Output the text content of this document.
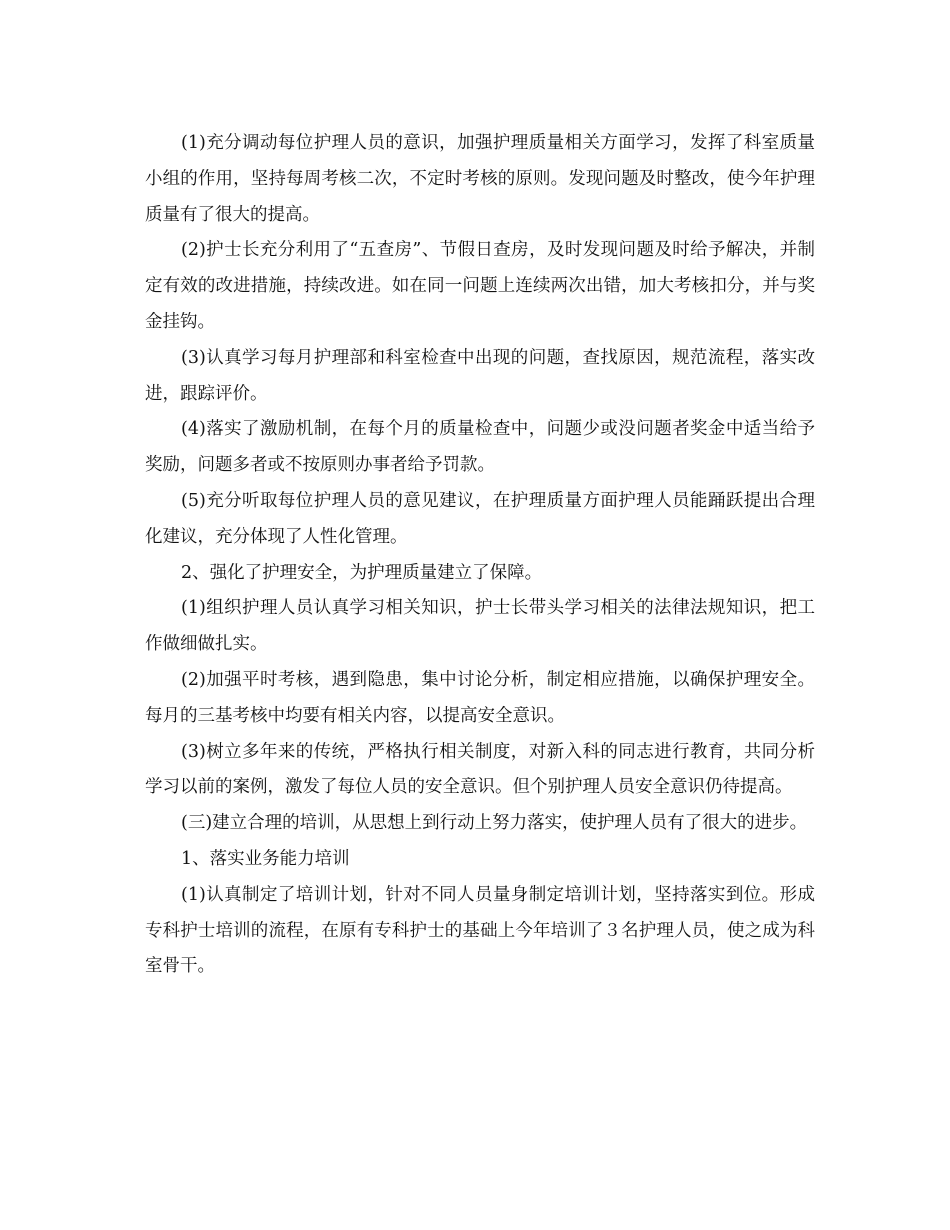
(1)充分调动每位护理人员的意识，加强护理质量相关方面学习，发挥了科室质量小组的作用，坚持每周考核二次，不定时考核的原则。发现问题及时整改，使今年护理质量有了很大的提高。

(2)护士长充分利用了“五查房”、节假日查房，及时发现问题及时给予解决，并制定有效的改进措施，持续改进。如在同一问题上连续两次出错，加大考核扣分，并与奖金挂钩。

(3)认真学习每月护理部和科室检查中出现的问题，查找原因，规范流程，落实改进，跟踪评价。

(4)落实了激励机制，在每个月的质量检查中，问题少或没问题者奖金中适当给予奖励，问题多者或不按原则办事者给予罚款。

(5)充分听取每位护理人员的意见建议，在护理质量方面护理人员能踊跃提出合理化建议，充分体现了人性化管理。

2、强化了护理安全，为护理质量建立了保障。

(1)组织护理人员认真学习相关知识，护士长带头学习相关的法律法规知识，把工作做细做扎实。

(2)加强平时考核，遇到隐患，集中讨论分析，制定相应措施，以确保护理安全。每月的三基考核中均要有相关内容，以提高安全意识。

(3)树立多年来的传统，严格执行相关制度，对新入科的同志进行教育，共同分析学习以前的案例，激发了每位人员的安全意识。但个别护理人员安全意识仍待提高。

(三)建立合理的培训，从思想上到行动上努力落实，使护理人员有了很大的进步。

1、落实业务能力培训

(1)认真制定了培训计划，针对不同人员量身制定培训计划，坚持落实到位。形成专科护士培训的流程，在原有专科护士的基础上今年培训了３名护理人员，使之成为科室骨干。
